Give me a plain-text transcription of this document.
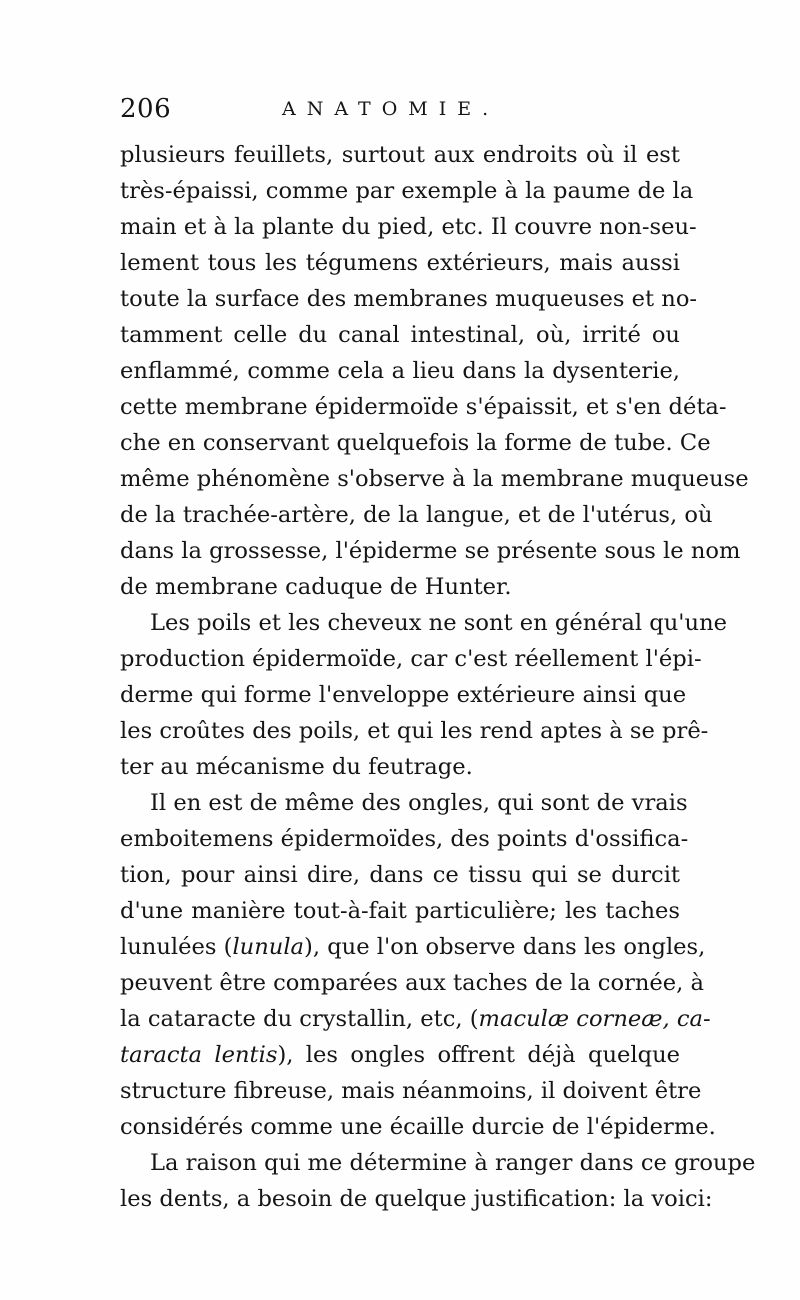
206	ANATOMIE.
plusieurs feuillets, surtout aux endroits où il est
très-épaissi, comme par exemple à la paume de la
main et à la plante du pied, etc. Il couvre non-seu-
lement tous les tégumens extérieurs, mais aussi
toute la surface des membranes muqueuses et no-
tamment celle du canal intestinal, où, irrité ou
enflammé, comme cela a lieu dans la dysenterie,
cette membrane épidermoïde s'épaissit, et s'en déta-
che en conservant quelquefois la forme de tube. Ce
même phénomène s'observe à la membrane muqueuse
de la trachée-artère, de la langue, et de l'utérus, où
dans la grossesse, l'épiderme se présente sous le nom
de membrane caduque de Hunter.
Les poils et les cheveux ne sont en général qu'une
production épidermoïde, car c'est réellement l'épi-
derme qui forme l'enveloppe extérieure ainsi que
les croûtes des poils, et qui les rend aptes à se prê-
ter au mécanisme du feutrage.
Il en est de même des ongles, qui sont de vrais
emboitemens épidermoïdes, des points d'ossifica-
tion, pour ainsi dire, dans ce tissu qui se durcit
d'une manière tout-à-fait particulière; les taches
lunulées (lunula), que l'on observe dans les ongles,
peuvent être comparées aux taches de la cornée, à
la cataracte du crystallin, etc, (maculæ corneæ, ca-
taracta lentis), les ongles offrent déjà quelque
structure fibreuse, mais néanmoins, il doivent être
considérés comme une écaille durcie de l'épiderme.
La raison qui me détermine à ranger dans ce groupe
les dents, a besoin de quelque justification: la voici:
